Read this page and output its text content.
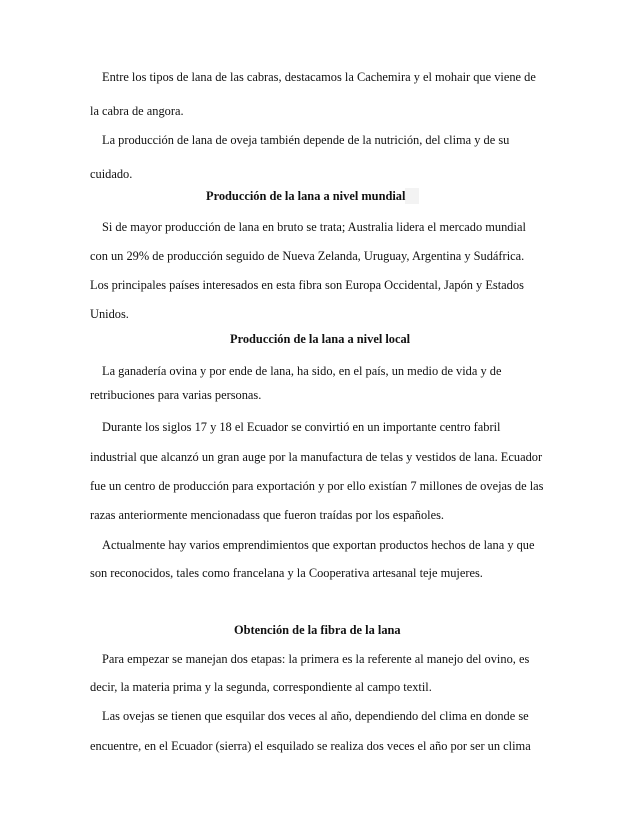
Entre los tipos de lana de las cabras, destacamos la Cachemira y el mohair que viene de
la cabra de angora.
La producción de lana de oveja también depende de la nutrición, del clima y de su
cuidado.
Producción de la lana a nivel mundial
Si de mayor producción de lana en bruto se trata; Australia lidera el mercado mundial
con un 29% de producción seguido de Nueva Zelanda, Uruguay, Argentina y Sudáfrica.
Los principales países interesados en esta fibra son Europa Occidental, Japón y Estados
Unidos.
Producción de la lana a nivel local
La ganadería ovina y por ende de lana, ha sido, en el país, un medio de vida y de
retribuciones para varias personas.
Durante los siglos 17 y 18 el Ecuador se convirtió en un importante centro fabril
industrial que alcanzó un gran auge por la manufactura de telas y vestidos de lana. Ecuador
fue un centro de producción para exportación y por ello existían 7 millones de ovejas de las
razas anteriormente mencionadass que fueron traídas por los españoles.
Actualmente hay varios emprendimientos que exportan productos hechos de lana y que
son reconocidos, tales como francelana y la Cooperativa artesanal teje mujeres.
Obtención de la fibra de la lana
Para empezar se manejan dos etapas: la primera es la referente al manejo del ovino, es
decir, la materia prima y la segunda, correspondiente al campo textil.
Las ovejas se tienen que esquilar dos veces al año, dependiendo del clima en donde se
encuentre, en el Ecuador (sierra) el esquilado se realiza dos veces el año por ser un clima
